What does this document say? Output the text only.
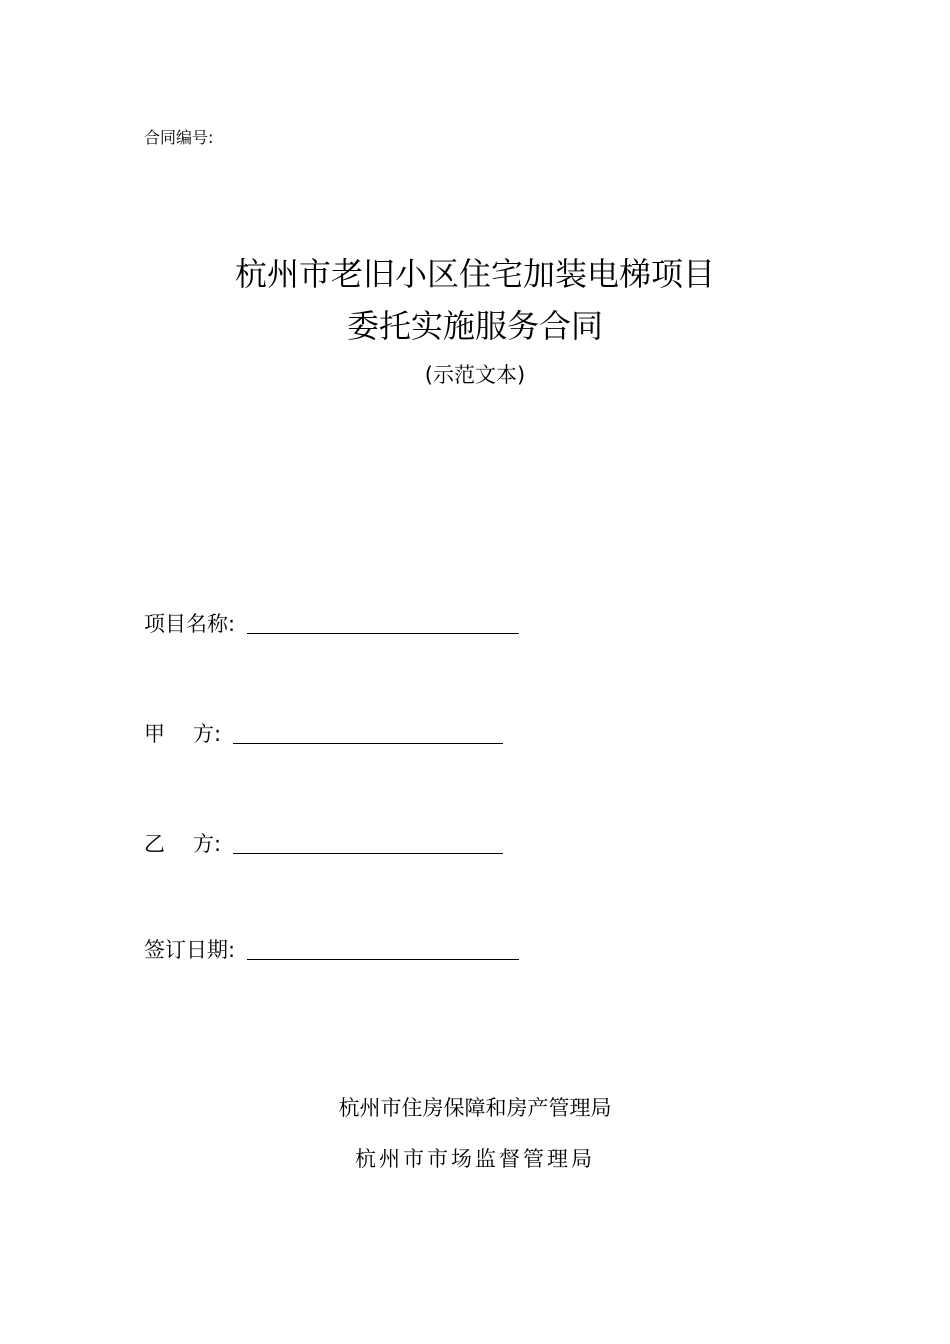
合同编号:
杭州市老旧小区住宅加装电梯项目
委托实施服务合同
(示范文本)
项目名称:
甲 方:
乙 方:
签订日期:
杭州市住房保障和房产管理局
杭州市市场监督管理局
